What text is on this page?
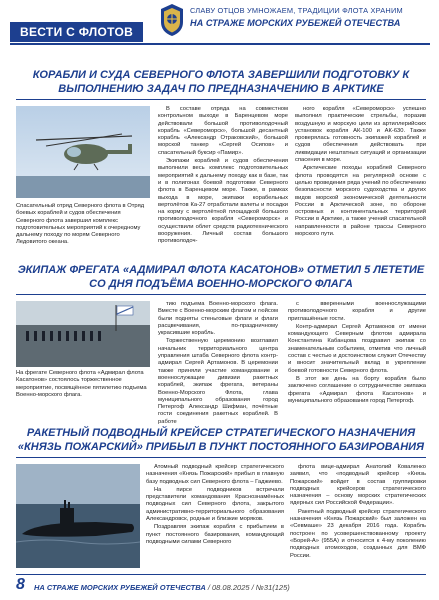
ВЕСТИ С ФЛОТОВ
СЛАВУ ОТЦОВ УМНОЖАЕМ, ТРАДИЦИИ ФЛОТА ХРАНИМ
НА СТРАЖЕ МОРСКИХ РУБЕЖЕЙ ОТЕЧЕСТВА
КОРАБЛИ И СУДА СЕВЕРНОГО ФЛОТА ЗАВЕРШИЛИ ПОДГОТОВКУ К ВЫПОЛНЕНИЮ ЗАДАЧ ПО ПРЕДНАЗНАЧЕНИЮ В АРКТИКЕ
Спасательный отряд Северного флота в Отряд боевых кораблей и судов обеспечения Северного флота завершил комплекс подготовительных мероприятий к очередному дальнему походу по морям Северного Ледовитого океана.

В составе отряда на совместном контрольном выходе в Баренцевом море действовали большой противолодочный корабль «Североморск», большой десантный корабль «Александр Отраковский», большой морской танкер «Сергей Осипов» и спасательный буксир «Памир».

Экипажи кораблей и судов обеспечения выполнили весь комплекс подготовительных мероприятий к дальнему походу как в базе, так и в полигонах боевой подготовки Северного флота в Баренцевом море. Также, в рамках выхода в море, экипажи корабельных вертолётов Ка-27 отработали взлеты и посадки на корму с вертолётной площадкой большого противолодочного корабля «Североморск» и осуществили облет средств радиотехнического вооружения. Личный состав большого противолодоч-

ного корабля «Североморск» успешно выполнил практические стрельбы, поразив воздушную и морскую цели из артиллерийских установок корабля АК-100 и АК-630. Также проверялась готовность экипажей кораблей и судов обеспечения действовать при ликвидации нештатных ситуаций и организации спасения в море.

Арктические походы кораблей Северного флота проводятся на регулярной основе с целью проведения ряда учений по обеспечению безопасности морского судоходства и других видов морской экономической деятельности России в Арктической зоне, по обороне островных и континентальных территорий России в Арктике, а также учений спасательной направленности в районе трассы Северного морского пути.

ЭКИПАЖ ФРЕГАТА «АДМИРАЛ ФЛОТА КАСАТОНОВ» ОТМЕТИЛ 5 ЛЕТЕТИЕ СО ДНЯ ПОДЪЁМА ВОЕННО-МОРСКОГО ФЛАГА
На фрегате Северного флота «Адмирал флота Касатонов» состоялось торжественное мероприятие, посвящённое пятилетию подъема Военно-морского флага.

тию подъема Военно-морского флага. Вместе с Военно-морским флагом и гюйсом были подняты стеньговые флаги и флаги расцвечивания, по-праздничному украсившие корабль.

Торжественную церемонию возглавил начальник территориального центра управления штаба Северного флота контр-адмирал Сергей Артамонов. В церемонии также приняли участие командование и военнослужащие дивизии ракетных кораблей, экипаж фрегата, ветераны Военно-Морского Флота, глава муниципального образования город Петергоф Александр Шифман, почётные гости соединения ракетных кораблей. В работе

с вверенными военнослужащими противолодочного корабля и другие приглашённые гости.

Контр-адмирал Сергей Артамонов от имени командующего Северным флотом адмирала Константина Кабанцова поздравил экипаж со знаменательным событием, отметив что личный состав с честью и достоинством служит Отечеству и вносит значительный вклад в укрепление боевой готовности Северного флота.

В этот же день на борту корабля было заключено соглашение о сотрудничестве экипажа фрегата «Адмирал флота Касатонов» и муниципального образования город Петергоф.

РАКЕТНЫЙ ПОДВОДНЫЙ КРЕЙСЕР СТРАТЕГИЧЕСКОГО НАЗНАЧЕНИЯ «КНЯЗЬ ПОЖАРСКИЙ» ПРИБЫЛ В ПУНКТ ПОСТОЯННОГО БАЗИРОВАНИЯ

Атомный подводный крейсер стратегического назначения «Князь Пожарский» прибыл в главную базу подводных сил Северного флота – Гаджиево.

На пирсе подводников встречали представители командования Краснознамённых подводных сил Северного флота, закрытого административно-территориального образования Александровск, родные и близкие моряков.

Поздравляя экипаж корабля с прибытием в пункт постоянного базирования, командующий подводными силами Северного

флота вице-адмирал Анатолий Коваленко заявил, что «подводный крейсер «Князь Пожарский» войдет в состав группировки подводных крейсеров стратегического назначения – основу морских стратегических ядерных сил Российской Федерации».

Ракетный подводный крейсер стратегического назначения «Князь Пожарский» был заложен на «Севмаше» 23 декабря 2016 года. Корабль построен по усовершенствованному проекту «Борей-А» (955А) и относится к 4-му поколению подводных атомоходов, созданных для ВМФ России.

8 НА СТРАЖЕ МОРСКИХ РУБЕЖЕЙ ОТЕЧЕСТВА / 08.08.2025 / №31(125)
